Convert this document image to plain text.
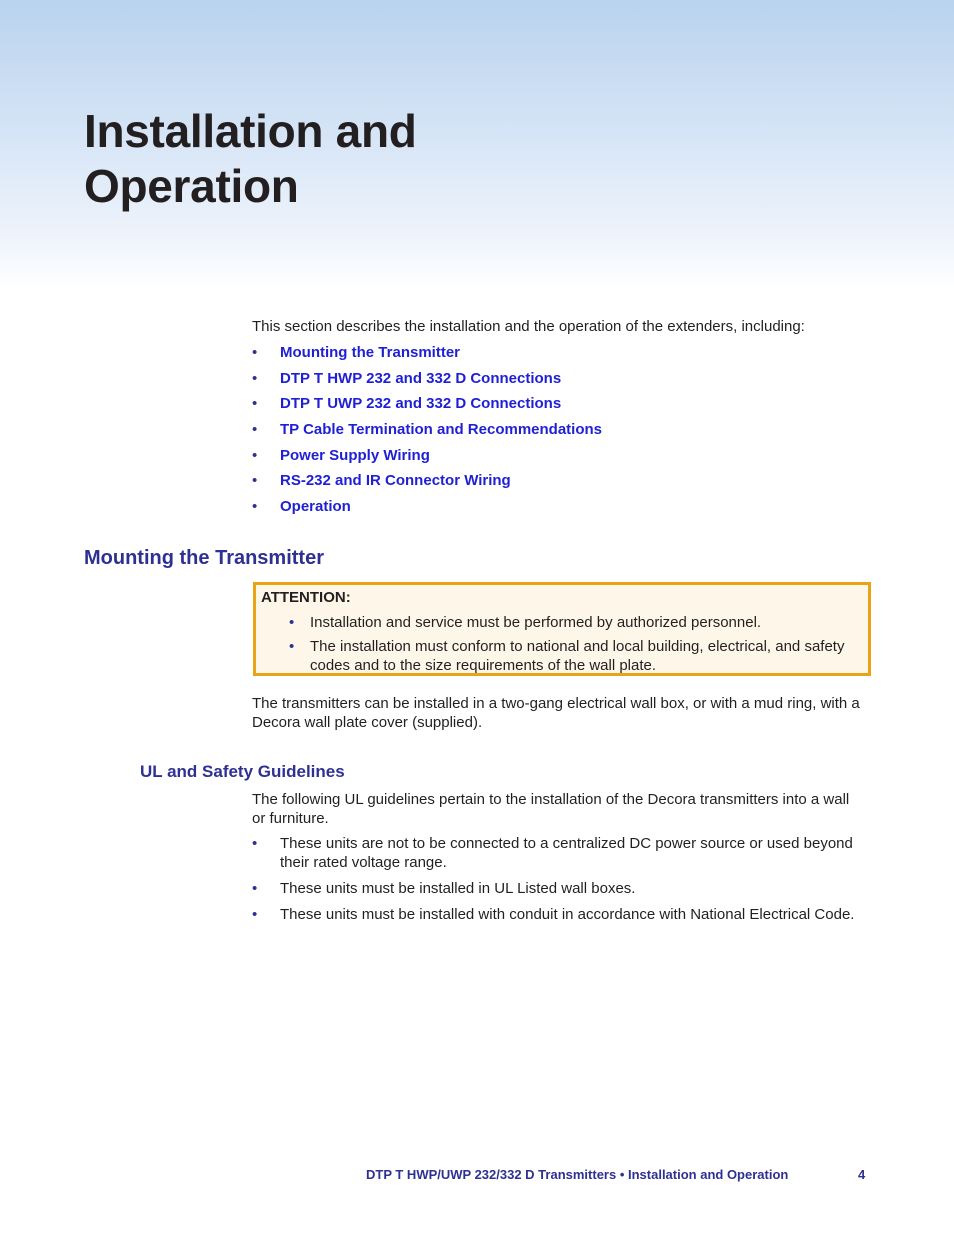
Installation and
Operation

This section describes the installation and the operation of the extenders, including:

• Mounting the Transmitter
• DTP T HWP 232 and 332 D Connections
• DTP T UWP 232 and 332 D Connections
• TP Cable Termination and Recommendations
• Power Supply Wiring
• RS-232 and IR Connector Wiring
• Operation
Mounting the Transmitter
ATTENTION:
• Installation and service must be performed by authorized personnel.
• The installation must conform to national and local building, electrical, and safety codes and to the size requirements of the wall plate.

The transmitters can be installed in a two-gang electrical wall box, or with a mud ring, with a Decora wall plate cover (supplied).

UL and Safety Guidelines

The following UL guidelines pertain to the installation of the Decora transmitters into a wall or furniture.

• These units are not to be connected to a centralized DC power source or used beyond their rated voltage range.
• These units must be installed in UL Listed wall boxes.
• These units must be installed with conduit in accordance with National Electrical Code.
DTP T HWP/UWP 232/332 D Transmitters • Installation and Operation	4
